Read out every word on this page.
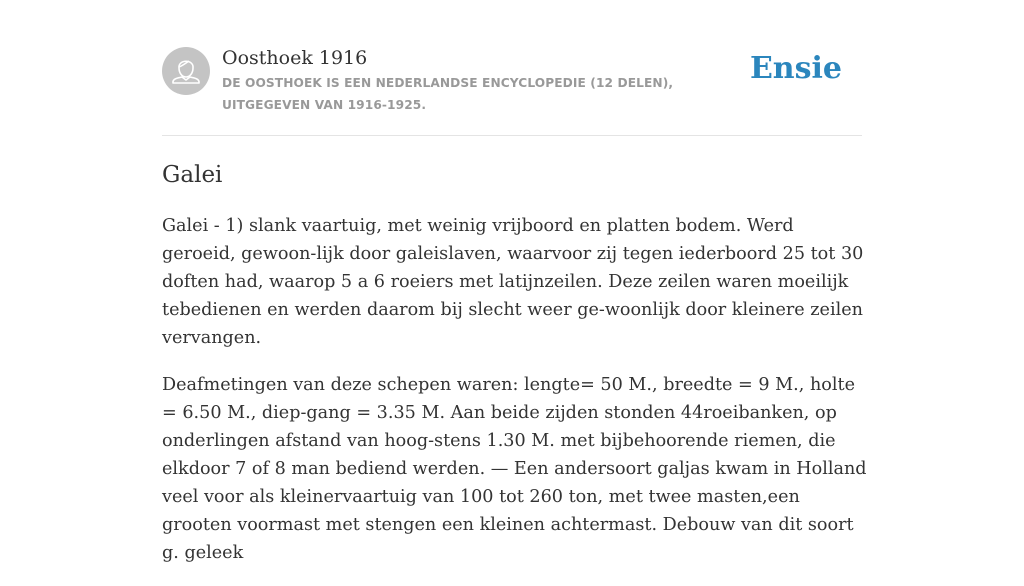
Oosthoek 1916
DE OOSTHOEK IS EEN NEDERLANDSE ENCYCLOPEDIE (12 DELEN), UITGEGEVEN VAN 1916-1925.
Ensie
Galei

Galei - 1) slank vaartuig, met weinig vrijboord en platten bodem. Werd geroeid, gewoon-lijk door galeislaven, waarvoor zij tegen iederboord 25 tot 30 doften had, waarop 5 a 6 roeiers met latijnzeilen. Deze zeilen waren moeilijk tebedienen en werden daarom bij slecht weer ge-woonlijk door kleinere zeilen vervangen.

Deafmetingen van deze schepen waren: lengte= 50 M., breedte = 9 M., holte = 6.50 M., diep-gang = 3.35 M. Aan beide zijden stonden 44roeibanken, op onderlingen afstand van hoog-stens 1.30 M. met bijbehoorende riemen, die elkdoor 7 of 8 man bediend werden. — Een andersoort galjas kwam in Holland veel voor als kleinervaartuig van 100 tot 260 ton, met twee masten,een grooten voormast met stengen een kleinen achtermast. Debouw van dit soort g. geleek
